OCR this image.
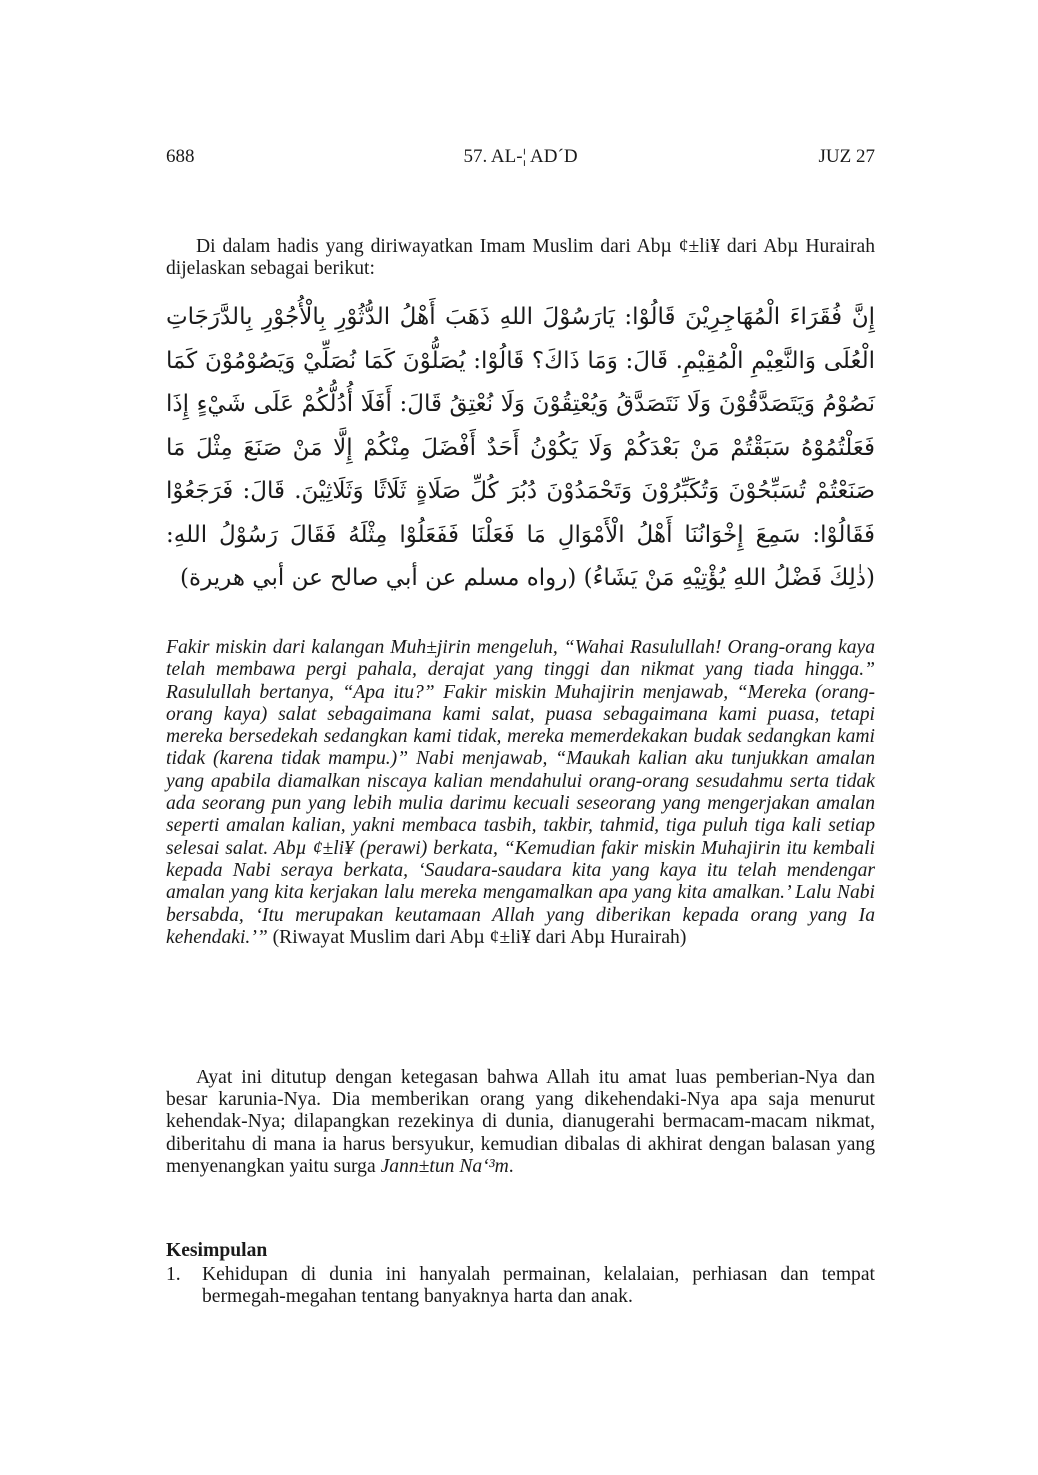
688	57. AL-¦ AD´D	JUZ 27

Di dalam hadis yang diriwayatkan Imam Muslim dari Abµ ¢±li¥ dari Abµ Hurairah dijelaskan sebagai berikut:

إِنَّ فُقَرَاءَ الْمُهَاجِرِيْنَ قَالُوْا: يَارَسُوْلَ اللهِ ذَهَبَ أَهْلُ الدُّثُوْرِ بِالْأُجُوْرِ بِالدَّرَجَاتِ الْعُلَى وَالنَّعِيْمِ الْمُقِيْمِ. قَالَ: وَمَا ذَاكَ؟ قَالُوْا: يُصَلُّوْنَ كَمَا نُصَلِّيْ وَيَصُوْمُوْنَ كَمَا نَصُوْمُ وَيَتَصَدَّقُوْنَ وَلَا نَتَصَدَّقُ وَيُعْتِقُوْنَ وَلَا نُعْتِقُ قَالَ: أَفَلَا أُدُلُّكُمْ عَلَى شَيْءٍ إِذَا فَعَلْتُمُوْهُ سَبَقْتُمْ مَنْ بَعْدَكُمْ وَلَا يَكُوْنُ أَحَدٌ أَفْضَلَ مِنْكُمْ إِلَّا مَنْ صَنَعَ مِثْلَ مَا صَنَعْتُمْ تُسَبِّحُوْنَ وَتُكَبِّرُوْنَ وَتَحْمَدُوْنَ دُبُرَ كُلِّ صَلَاةٍ ثَلَاثًا وَثَلَاثِيْنَ. قَالَ: فَرَجَعُوْا فَقَالُوْا: سَمِعَ إِخْوَانُنَا أَهْلُ الْأَمْوَالِ مَا فَعَلْنَا فَفَعَلُوْا مِثْلَهُ فَقَالَ رَسُوْلُ اللهِ: (ذٰلِكَ فَضْلُ اللهِ يُؤْتِيْهِ مَنْ يَشَاءُ) (رواه مسلم عن أبي صالح عن أبي هريرة)

Fakir miskin dari kalangan Muh±jirin mengeluh, “Wahai Rasulullah! Orang-orang kaya telah membawa pergi pahala, derajat yang tinggi dan nikmat yang tiada hingga.” Rasulullah bertanya, “Apa itu?” Fakir miskin Muhajirin menjawab, “Mereka (orang-orang kaya) salat sebagaimana kami salat, puasa sebagaimana kami puasa, tetapi mereka bersedekah sedangkan kami tidak, mereka memerdekakan budak sedangkan kami tidak (karena tidak mampu.)” Nabi menjawab, “Maukah kalian aku tunjukkan amalan yang apabila diamalkan niscaya kalian mendahului orang-orang sesudahmu serta tidak ada seorang pun yang lebih mulia darimu kecuali seseorang yang mengerjakan amalan seperti amalan kalian, yakni membaca tasbih, takbir, tahmid, tiga puluh tiga kali setiap selesai salat. Abµ ¢±li¥ (perawi) berkata, “Kemudian fakir miskin Muhajirin itu kembali kepada Nabi seraya berkata, ‘Saudara-saudara kita yang kaya itu telah mendengar amalan yang kita kerjakan lalu mereka mengamalkan apa yang kita amalkan.’ Lalu Nabi bersabda, ‘Itu merupakan keutamaan Allah yang diberikan kepada orang yang Ia kehendaki.’” (Riwayat Muslim dari Abµ ¢±li¥ dari Abµ Hurairah)

Ayat ini ditutup dengan ketegasan bahwa Allah itu amat luas pemberian-Nya dan besar karunia-Nya. Dia memberikan orang yang dikehendaki-Nya apa saja menurut kehendak-Nya; dilapangkan rezekinya di dunia, dianugerahi bermacam-macam nikmat, diberitahu di mana ia harus bersyukur, kemudian dibalas di akhirat dengan balasan yang menyenangkan yaitu surga Jann±tun Na‘³m.

Kesimpulan
1. Kehidupan di dunia ini hanyalah permainan, kelalaian, perhiasan dan tempat bermegah-megahan tentang banyaknya harta dan anak.
